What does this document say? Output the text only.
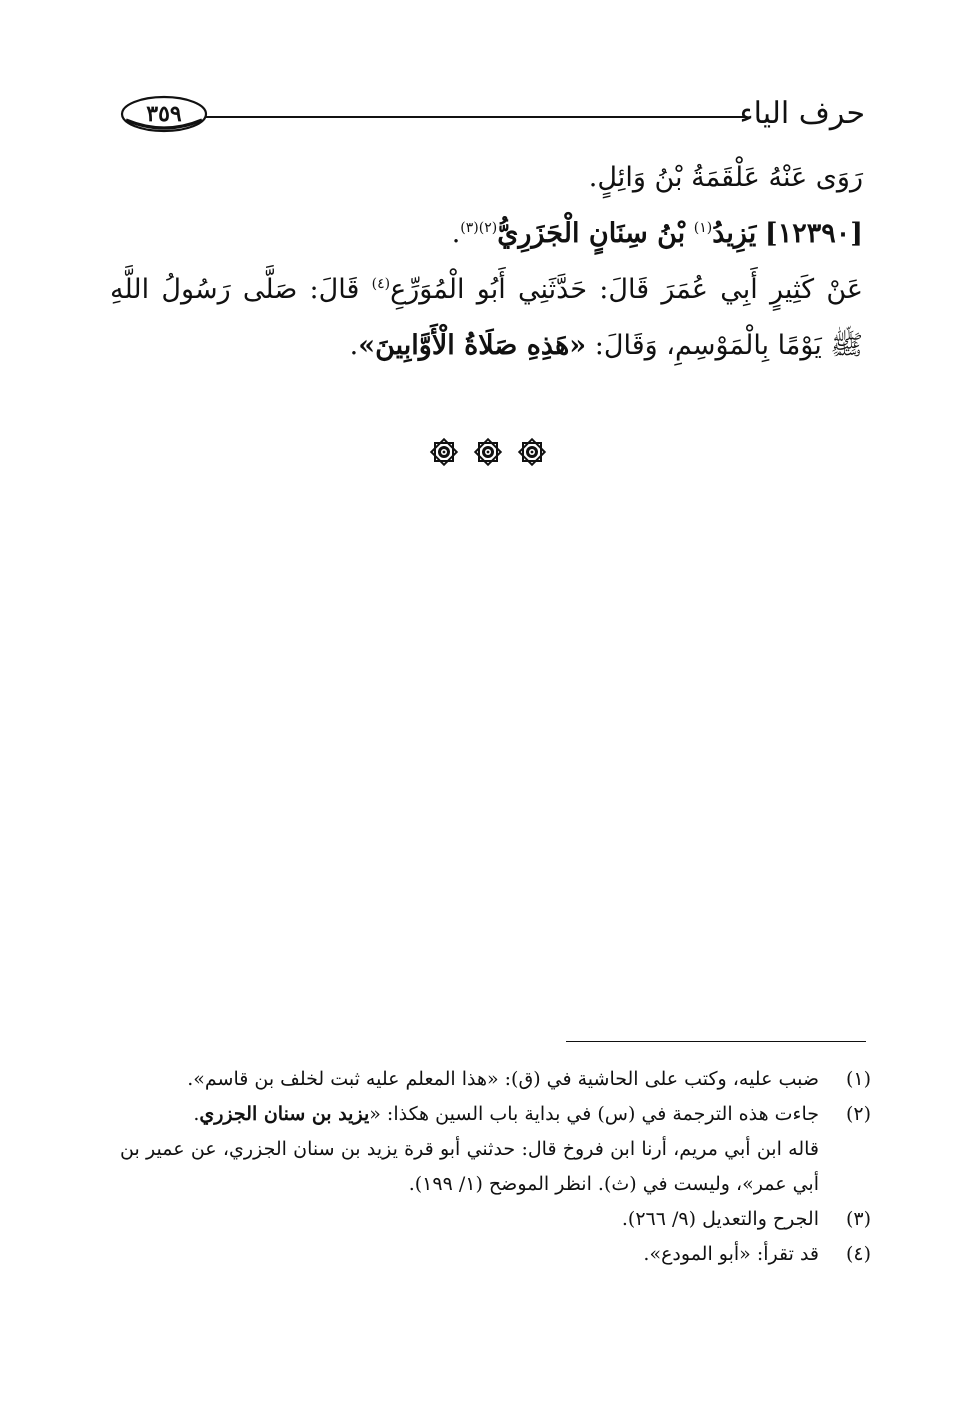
حرف الياء
٣٥٩

رَوَى عَنْهُ عَلْقَمَةُ بْنُ وَائِلٍ.

[١٢٣٩٠] يَزِيدُ$^{(١)}$ بْنُ سِنَانٍ الْجَزَرِيُّ$^{(٢)(٣)}$.

عَنْ كَثِيرٍ أَبِي عُمَرَ قَالَ: حَدَّثَنِي أَبُو الْمُوَرِّعِ$^{(٤)}$ قَالَ: صَلَّى رَسُولُ اللَّهِ ﷺ يَوْمًا بِالْمَوْسِمِ، وَقَالَ: «هَذِهِ صَلَاةُ الْأَوَّابِينَ».

(١)
ضبب عليه، وكتب على الحاشية في (ق): «هذا المعلم عليه ثبت لخلف بن قاسم».
(٢)
جاءت هذه الترجمة في (س) في بداية باب السين هكذا: «يزيد بن سنان الجزري.
قاله ابن أبي مريم، أرنا ابن فروخ قال: حدثني أبو قرة يزيد بن سنان الجزري، عن عمير بن أبي عمر»، وليست في (ث). انظر الموضح (١/ ١٩٩).
(٣)
الجرح والتعديل (٩/ ٢٦٦).
(٤)
قد تقرأ: «أبو المودع».
